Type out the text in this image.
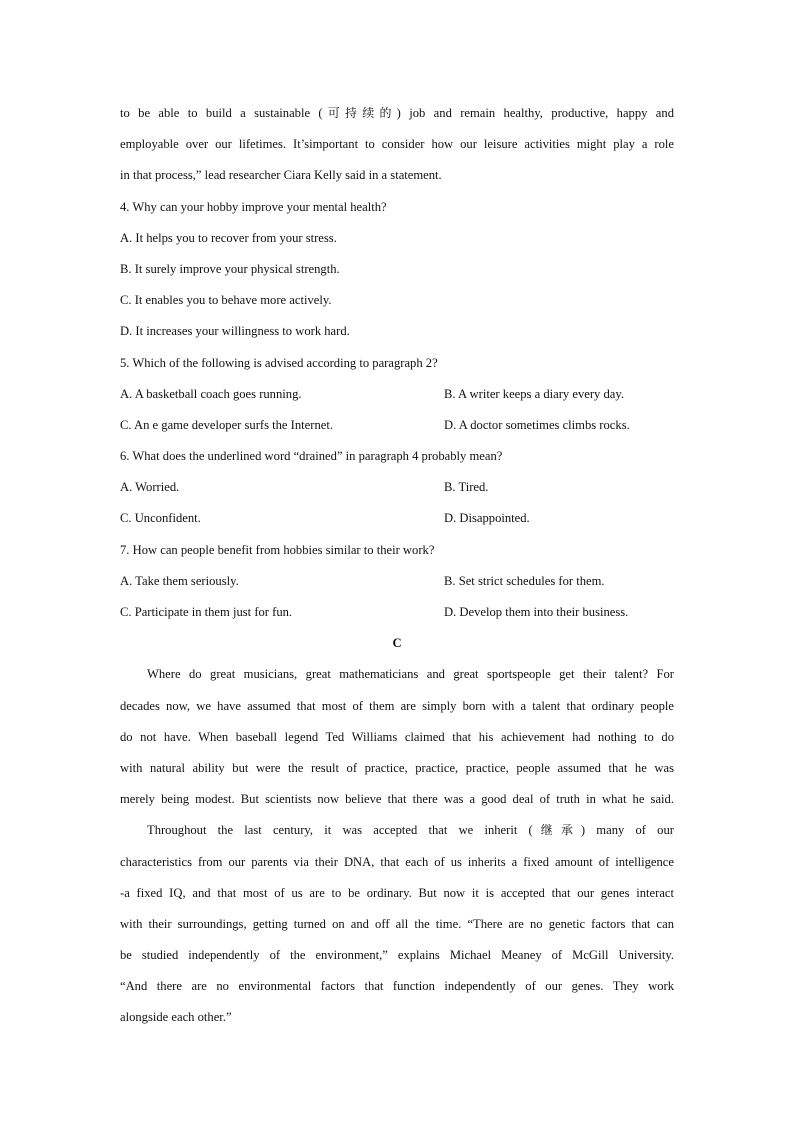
to be able to build a sustainable (可持续的) job and remain healthy, productive, happy and
employable over our lifetimes. It’simportant to consider how our leisure activities might play a role
in that process,” lead researcher Ciara Kelly said in a statement.
4. Why can your hobby improve your mental health?
A. It helps you to recover from your stress.
B. It surely improve your physical strength.
C. It enables you to behave more actively.
D. It increases your willingness to work hard.
5. Which of the following is advised according to paragraph 2?
A. A basketball coach goes running.	B. A writer keeps a diary every day.
C. An e game developer surfs the Internet.	D. A doctor sometimes climbs rocks.
6. What does the underlined word “drained” in paragraph 4 probably mean?
A. Worried.	B. Tired.
C. Unconfident.	D. Disappointed.
7. How can people benefit from hobbies similar to their work?
A. Take them seriously.	B. Set strict schedules for them.
C. Participate in them just for fun.	D. Develop them into their business.
C
Where do great musicians, great mathematicians and great sportspeople get their talent? For
decades now, we have assumed that most of them are simply born with a talent that ordinary people
do not have. When baseball legend Ted Williams claimed that his achievement had nothing to do
with natural ability but were the result of practice, practice, practice, people assumed that he was
merely being modest. But scientists now believe that there was a good deal of truth in what he said.
Throughout the last century, it was accepted that we inherit (继承) many of our
characteristics from our parents via their DNA, that each of us inherits a fixed amount of intelligence
-a fixed IQ, and that most of us are to be ordinary. But now it is accepted that our genes interact
with their surroundings, getting turned on and off all the time. “There are no genetic factors that can
be studied independently of the environment,” explains Michael Meaney of McGill University.
“And there are no environmental factors that function independently of our genes. They work
alongside each other.”
